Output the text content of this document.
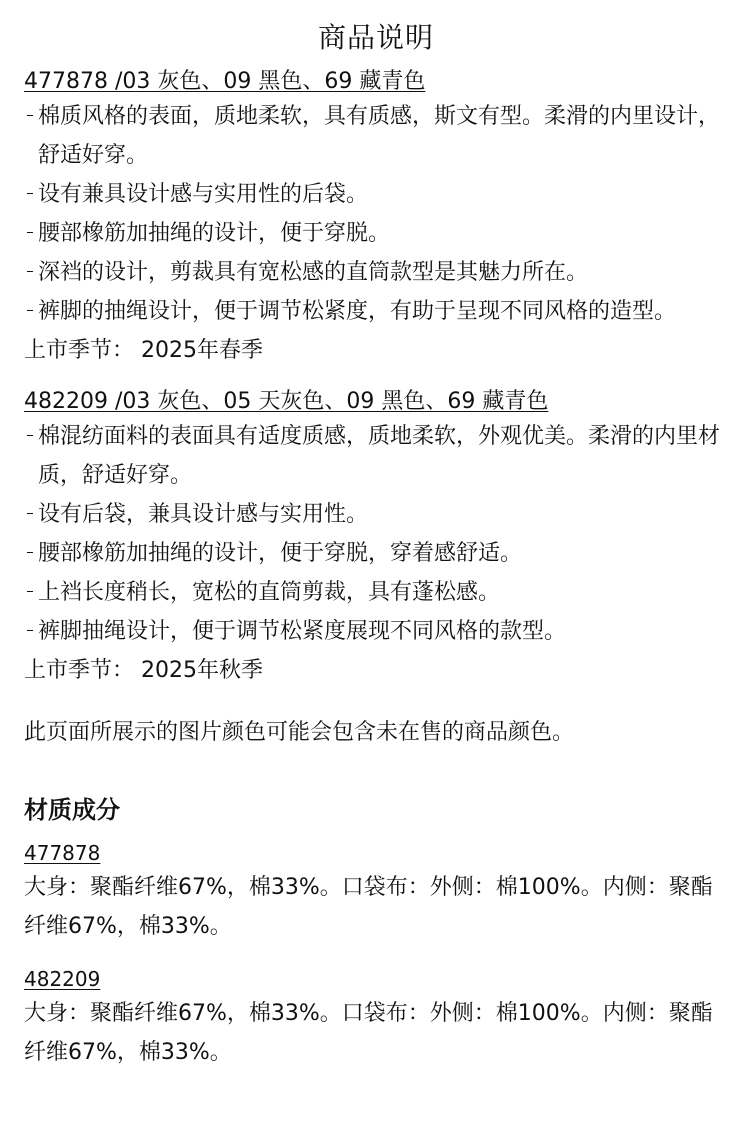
商品说明
477878 /03 灰色、09 黑色、69 藏青色
棉质风格的表面，质地柔软，具有质感，斯文有型。柔滑的内里设计，舒适好穿。
设有兼具设计感与实用性的后袋。
腰部橡筋加抽绳的设计，便于穿脱。
深裆的设计，剪裁具有宽松感的直筒款型是其魅力所在。
裤脚的抽绳设计，便于调节松紧度，有助于呈现不同风格的造型。
上市季节： 2025年春季
482209 /03 灰色、05 天灰色、09 黑色、69 藏青色
棉混纺面料的表面具有适度质感，质地柔软，外观优美。柔滑的内里材质，舒适好穿。
设有后袋，兼具设计感与实用性。
腰部橡筋加抽绳的设计，便于穿脱，穿着感舒适。
上裆长度稍长，宽松的直筒剪裁，具有蓬松感。
裤脚抽绳设计，便于调节松紧度展现不同风格的款型。
上市季节： 2025年秋季

此页面所展示的图片颜色可能会包含未在售的商品颜色。

材质成分
477878
大身：聚酯纤维67%，棉33%。口袋布：外侧：棉100%。内侧：聚酯纤维67%，棉33%。
482209
大身：聚酯纤维67%，棉33%。口袋布：外侧：棉100%。内侧：聚酯纤维67%，棉33%。
